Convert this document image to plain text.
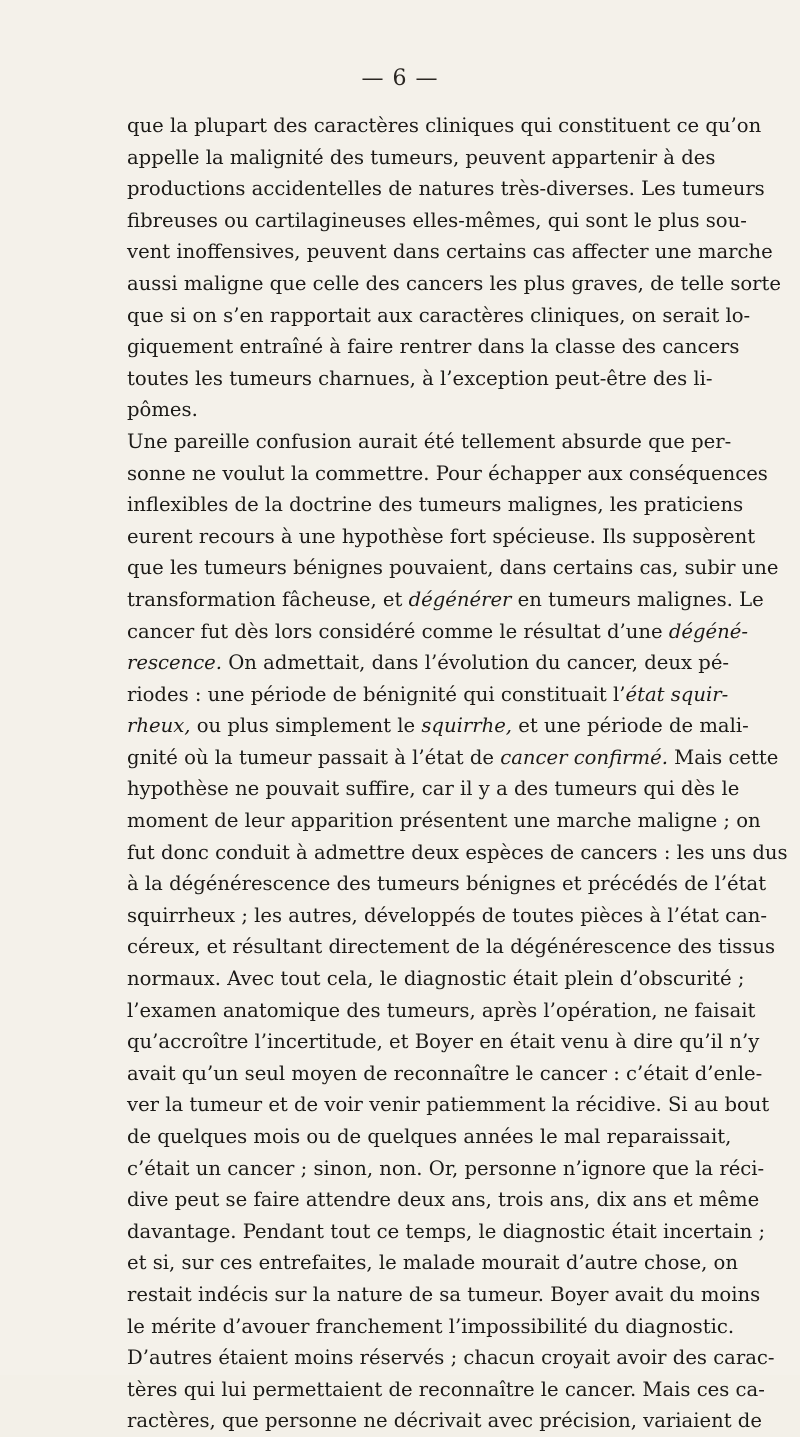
— 6 —
que la plupart des caractères cliniques qui constituent ce qu’on
appelle la malignité des tumeurs, peuvent appartenir à des
productions accidentelles de natures très-diverses. Les tumeurs
fibreuses ou cartilagineuses elles-mêmes, qui sont le plus sou-
vent inoffensives, peuvent dans certains cas affecter une marche
aussi maligne que celle des cancers les plus graves, de telle sorte
que si on s’en rapportait aux caractères cliniques, on serait lo-
giquement entraîné à faire rentrer dans la classe des cancers
toutes les tumeurs charnues, à l’exception peut-être des li-
pômes.
Une pareille confusion aurait été tellement absurde que per-
sonne ne voulut la commettre. Pour échapper aux conséquences
inflexibles de la doctrine des tumeurs malignes, les praticiens
eurent recours à une hypothèse fort spécieuse. Ils supposèrent
que les tumeurs bénignes pouvaient, dans certains cas, subir une
transformation fâcheuse, et dégénérer en tumeurs malignes. Le
cancer fut dès lors considéré comme le résultat d’une dégéné-
rescence. On admettait, dans l’évolution du cancer, deux pé-
riodes : une période de bénignité qui constituait l’état squir-
rheux, ou plus simplement le squirrhe, et une période de mali-
gnité où la tumeur passait à l’état de cancer confirmé. Mais cette
hypothèse ne pouvait suffire, car il y a des tumeurs qui dès le
moment de leur apparition présentent une marche maligne ; on
fut donc conduit à admettre deux espèces de cancers : les uns dus
à la dégénérescence des tumeurs bénignes et précédés de l’état
squirrheux ; les autres, développés de toutes pièces à l’état can-
céreux, et résultant directement de la dégénérescence des tissus
normaux. Avec tout cela, le diagnostic était plein d’obscurité ;
l’examen anatomique des tumeurs, après l’opération, ne faisait
qu’accroître l’incertitude, et Boyer en était venu à dire qu’il n’y
avait qu’un seul moyen de reconnaître le cancer : c’était d’enle-
ver la tumeur et de voir venir patiemment la récidive. Si au bout
de quelques mois ou de quelques années le mal reparaissait,
c’était un cancer ; sinon, non. Or, personne n’ignore que la réci-
dive peut se faire attendre deux ans, trois ans, dix ans et même
davantage. Pendant tout ce temps, le diagnostic était incertain ;
et si, sur ces entrefaites, le malade mourait d’autre chose, on
restait indécis sur la nature de sa tumeur. Boyer avait du moins
le mérite d’avouer franchement l’impossibilité du diagnostic.
D’autres étaient moins réservés ; chacun croyait avoir des carac-
tères qui lui permettaient de reconnaître le cancer. Mais ces ca-
ractères, que personne ne décrivait avec précision, variaient de
